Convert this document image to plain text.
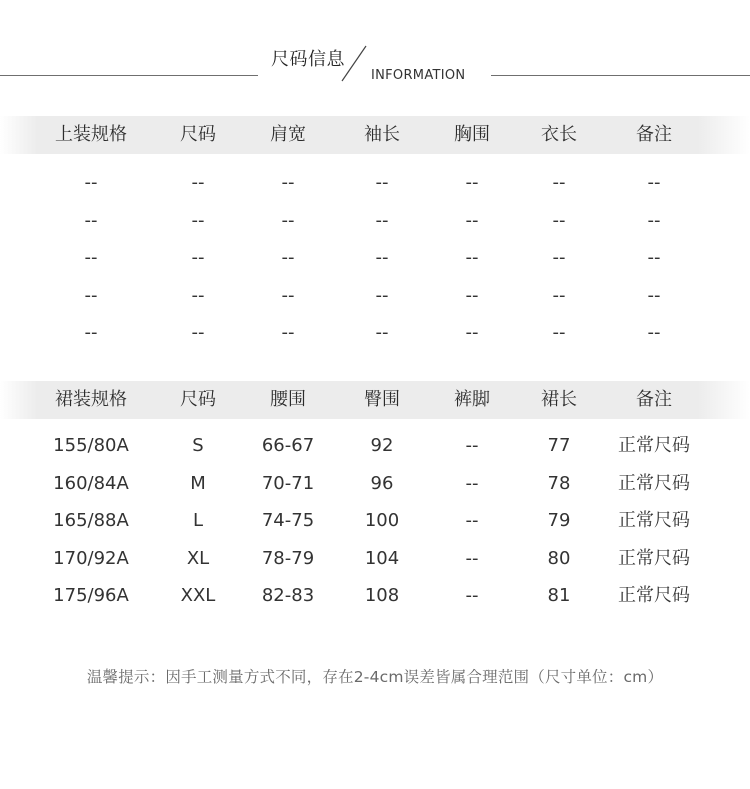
尺码信息
INFORMATION
上装规格	尺码	肩宽	袖长	胸围	衣长	备注
--	--	--	--	--	--	--
--	--	--	--	--	--	--
--	--	--	--	--	--	--
--	--	--	--	--	--	--
--	--	--	--	--	--	--
裙装规格	尺码	腰围	臀围	裤脚	裙长	备注
155/80A	S	66-67	92	--	77	正常尺码
160/84A	M	70-71	96	--	78	正常尺码
165/88A	L	74-75	100	--	79	正常尺码
170/92A	XL	78-79	104	--	80	正常尺码
175/96A	XXL	82-83	108	--	81	正常尺码
温馨提示：因手工测量方式不同，存在2-4cm误差皆属合理范围（尺寸单位：cm）
